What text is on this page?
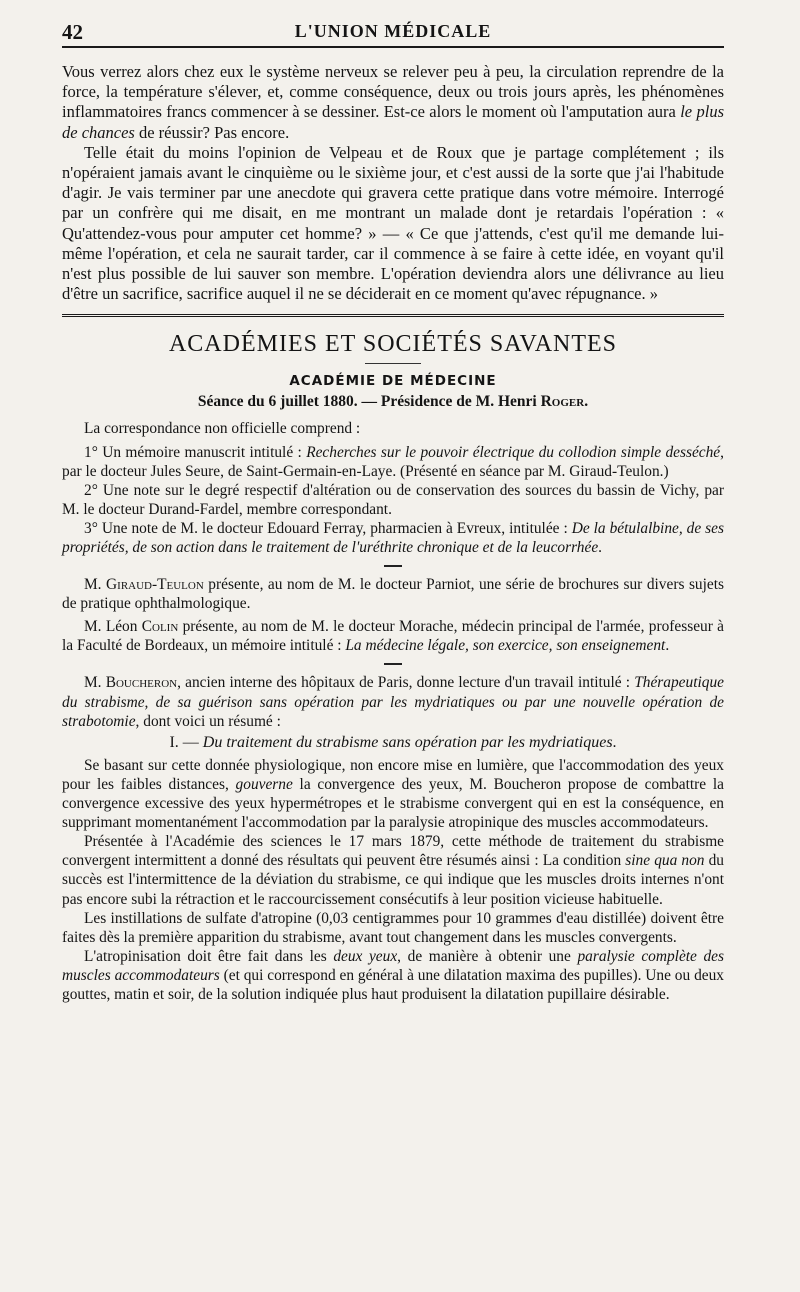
42	L'UNION MÉDICALE

Vous verrez alors chez eux le système nerveux se relever peu à peu, la circulation reprendre de la force, la température s'élever, et, comme conséquence, deux ou trois jours après, les phénomènes inflammatoires francs commencer à se dessiner. Est-ce alors le moment où l'amputation aura le plus de chances de réussir? Pas encore.

Telle était du moins l'opinion de Velpeau et de Roux que je partage complétement ; ils n'opéraient jamais avant le cinquième ou le sixième jour, et c'est aussi de la sorte que j'ai l'habitude d'agir. Je vais terminer par une anecdote qui gravera cette pratique dans votre mémoire. Interrogé par un confrère qui me disait, en me montrant un malade dont je retardais l'opération : « Qu'attendez-vous pour amputer cet homme? » — « Ce que j'attends, c'est qu'il me demande lui-même l'opération, et cela ne saurait tarder, car il commence à se faire à cette idée, en voyant qu'il n'est plus possible de lui sauver son membre. L'opération deviendra alors une délivrance au lieu d'être un sacrifice, sacrifice auquel il ne se déciderait en ce moment qu'avec répugnance. »

ACADÉMIES ET SOCIÉTÉS SAVANTES
ACADÉMIE DE MÉDECINE
Séance du 6 juillet 1880. — Présidence de M. Henri Roger.

La correspondance non officielle comprend :

1° Un mémoire manuscrit intitulé : Recherches sur le pouvoir électrique du collodion simple desséché, par le docteur Jules Seure, de Saint-Germain-en-Laye. (Présenté en séance par M. Giraud-Teulon.)

2° Une note sur le degré respectif d'altération ou de conservation des sources du bassin de Vichy, par M. le docteur Durand-Fardel, membre correspondant.

3° Une note de M. le docteur Edouard Ferray, pharmacien à Evreux, intitulée : De la bétulalbine, de ses propriétés, de son action dans le traitement de l'uréthrite chronique et de la leucorrhée.

M. Giraud-Teulon présente, au nom de M. le docteur Parniot, une série de brochures sur divers sujets de pratique ophthalmologique.

M. Léon Colin présente, au nom de M. le docteur Morache, médecin principal de l'armée, professeur à la Faculté de Bordeaux, un mémoire intitulé : La médecine légale, son exercice, son enseignement.

M. Boucheron, ancien interne des hôpitaux de Paris, donne lecture d'un travail intitulé : Thérapeutique du strabisme, de sa guérison sans opération par les mydriatiques ou par une nouvelle opération de strabotomie, dont voici un résumé :

I. — Du traitement du strabisme sans opération par les mydriatiques.

Se basant sur cette donnée physiologique, non encore mise en lumière, que l'accommodation des yeux pour les faibles distances, gouverne la convergence des yeux, M. Boucheron propose de combattre la convergence excessive des yeux hypermétropes et le strabisme convergent qui en est la conséquence, en supprimant momentanément l'accommodation par la paralysie atropinique des muscles accommodateurs.

Présentée à l'Académie des sciences le 17 mars 1879, cette méthode de traitement du strabisme convergent intermittent a donné des résultats qui peuvent être résumés ainsi : La condition sine qua non du succès est l'intermittence de la déviation du strabisme, ce qui indique que les muscles droits internes n'ont pas encore subi la rétraction et le raccourcissement consécutifs à leur position vicieuse habituelle.

Les instillations de sulfate d'atropine (0,03 centigrammes pour 10 grammes d'eau distillée) doivent être faites dès la première apparition du strabisme, avant tout changement dans les muscles convergents.

L'atropinisation doit être fait dans les deux yeux, de manière à obtenir une paralysie complète des muscles accommodateurs (et qui correspond en général à une dilatation maxima des pupilles). Une ou deux gouttes, matin et soir, de la solution indiquée plus haut produisent la dilatation pupillaire désirable.
